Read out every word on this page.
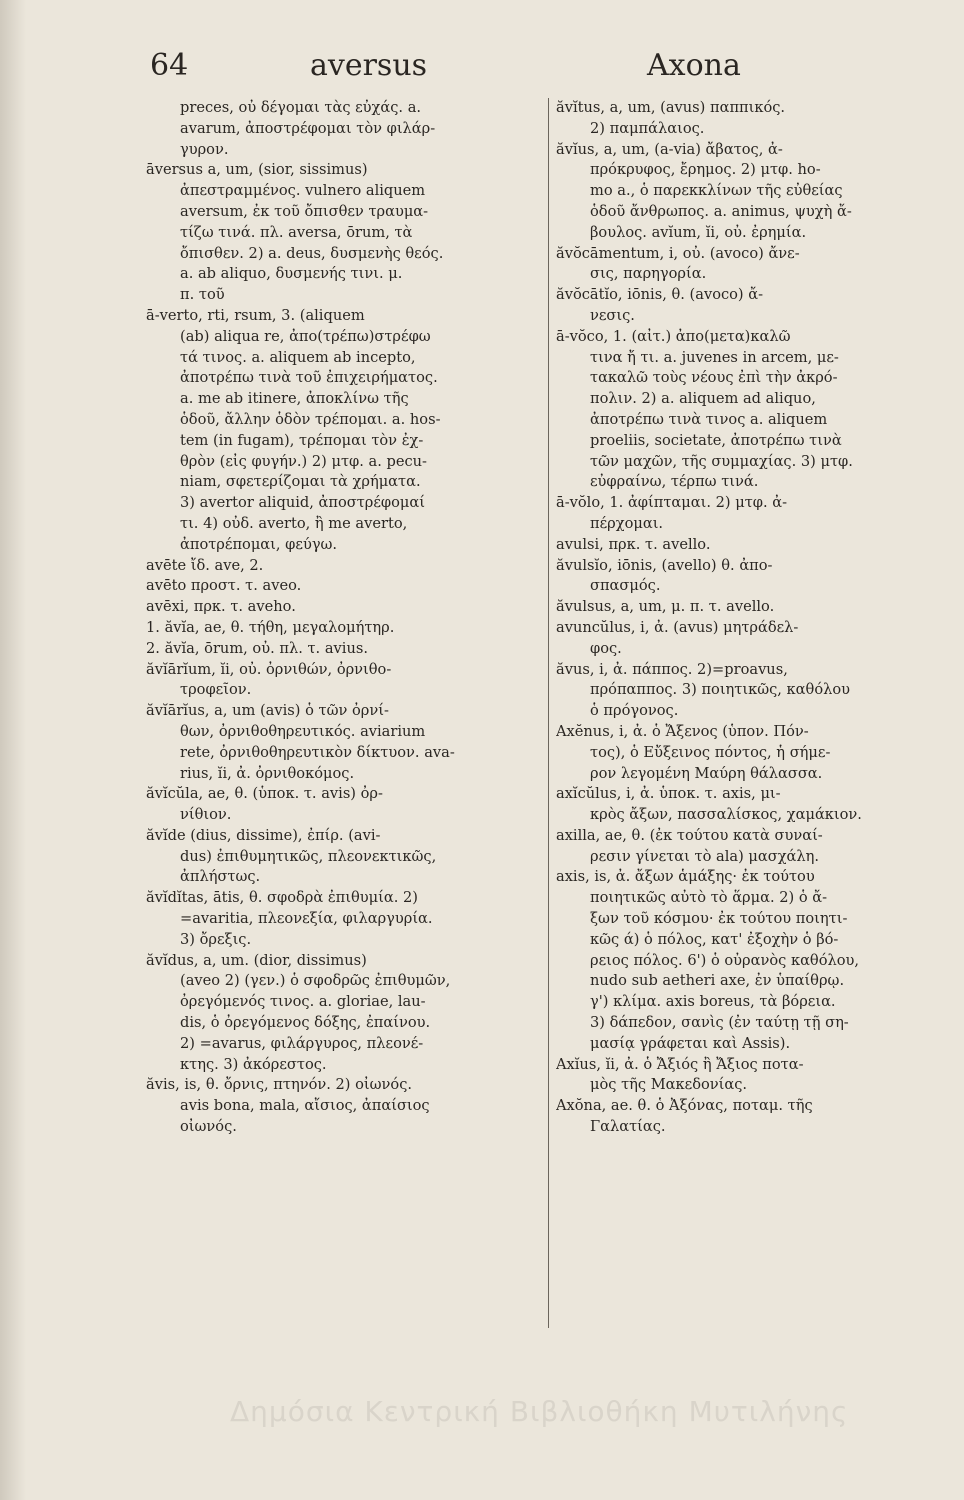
64	aversus	Axona
preces, οὐ δέγομαι τὰς εὐχάς. a.
avarum, ἀποστρέφομαι τὸν φιλάρ-
γυρον.
āversus a, um, (sior, sissimus)
ἀπεστραμμένος. vulnero aliquem
aversum, ἐκ τοῦ ὄπισθεν τραυμα-
τίζω τινά. πλ. aversa, ōrum, τὰ
ὄπισθεν. 2) a. deus, δυσμενὴς θεός.
a. ab aliquo, δυσμενής τινι. μ.
π. τοῦ
ā-verto, rti, rsum, 3. (aliquem
(ab) aliqua re, ἀπο(τρέπω)στρέφω
τά τινος. a. aliquem ab incepto,
ἀποτρέπω τινὰ τοῦ ἐπιχειρήματος.
a. me ab itinere, ἀποκλίνω τῆς
ὁδοῦ, ἄλλην ὁδὸν τρέπομαι. a. hos-
tem (in fugam), τρέπομαι τὸν ἐχ-
θρὸν (εἰς φυγήν.) 2) μτφ. a. pecu-
niam, σφετερίζομαι τὰ χρήματα.
3) avertor aliquid, ἀποστρέφομαί
τι. 4) οὐδ. averto, ἢ me averto,
ἀποτρέπομαι, φεύγω.
avēte ἴδ. ave, 2.
avēto προστ. τ. aveo.
avēxi, πρκ. τ. aveho.
1. ăvĭa, ae, θ. τήθη, μεγαλομήτηρ.
2. ăvĭa, ōrum, οὐ. πλ. τ. avius.
ăvĭārĭum, ĭi, οὐ. ὀρνιθών, ὀρνιθο-
τροφεῖον.
ăvĭārĭus, a, um (avis) ὁ τῶν ὀρνί-
θων, ὀρνιθοθηρευτικός. aviarium
rete, ὀρνιθοθηρευτικὸν δίκτυον. ava-
rius, ĭi, ἀ. ὀρνιθοκόμος.
ăvĭcŭla, ae, θ. (ὑποκ. τ. avis) ὀρ-
νίθιον.
ăvĭde (dius, dissime), ἐπίρ. (avi-
dus) ἐπιθυμητικῶς, πλεονεκτικῶς,
ἀπλήστως.
ăvĭdĭtas, ātis, θ. σφοδρὰ ἐπιθυμία. 2)
=avaritia, πλεονεξία, φιλαργυρία.
3) ὄρεξις.
ăvĭdus, a, um. (dior, dissimus)
(aveo 2) (γεν.) ὁ σφοδρῶς ἐπιθυμῶν,
ὀρεγόμενός τινος. a. gloriae, lau-
dis, ὁ ὀρεγόμενος δόξης, ἐπαίνου.
2) =avarus, φιλάργυρος, πλεονέ-
κτης. 3) ἀκόρεστος.
ăvis, is, θ. ὄρνις, πτηνόν. 2) οἰωνός.
avis bona, mala, αἴσιος, ἀπαίσιος
οἰωνός.
ăvĭtus, a, um, (avus) παππικός.
2) παμπάλαιος.
ăvĭus, a, um, (a-via) ἄβατος, ἀ-
πρόκρυφος, ἔρημος. 2) μτφ. ho-
mo a., ὁ παρεκκλίνων τῆς εὐθείας
ὁδοῦ ἄνθρωπος. a. animus, ψυχὴ ἄ-
βουλος. avĭum, ĭi, οὐ. ἐρημία.
ăvŏcāmentum, i, οὐ. (avoco) ἄνε-
σις, παρηγορία.
ăvŏcātĭo, iōnis, θ. (avoco) ἄ-
νεσις.
ā-vŏco, 1. (αἰτ.) ἀπο(μετα)καλῶ
τινα ἤ τι. a. juvenes in arcem, με-
τακαλῶ τοὺς νέους ἐπὶ τὴν ἀκρό-
πολιν. 2) a. aliquem ad aliquo,
ἀποτρέπω τινὰ τινος a. aliquem
proeliis, societate, ἀποτρέπω τινὰ
τῶν μαχῶν, τῆς συμμαχίας. 3) μτφ.
εὐφραίνω, τέρπω τινά.
ā-vŏlo, 1. ἀφίπταμαι. 2) μτφ. ἀ-
πέρχομαι.
avulsi, πρκ. τ. avello.
ăvulsĭo, iōnis, (avello) θ. ἀπο-
σπασμός.
ăvulsus, a, um, μ. π. τ. avello.
avuncŭlus, i, ἀ. (avus) μητράδελ-
φος.
ăvus, i, ἀ. πάππος. 2)=proavus,
πρόπαππος. 3) ποιητικῶς, καθόλου
ὁ πρόγονος.
Axĕnus, i, ἀ. ὁ Ἄξενος (ὑπον. Πόν-
τος), ὁ Εὔξεινος πόντος, ἡ σήμε-
ρον λεγομένη Μαύρη θάλασσα.
axĭcŭlus, i, ἀ. ὑποκ. τ. axis, μι-
κρὸς ἄξων, πασσαλίσκος, χαμάκιον.
axilla, ae, θ. (ἐκ τούτου κατὰ συναί-
ρεσιν γίνεται τὸ ala) μασχάλη.
axis, is, ἀ. ἄξων ἁμάξης· ἐκ τούτου
ποιητικῶς αὐτὸ τὸ ἅρμα. 2) ὁ ἄ-
ξων τοῦ κόσμου· ἐκ τούτου ποιητι-
κῶς ά) ὁ πόλος, κατ' ἐξοχὴν ὁ βό-
ρειος πόλος. 6') ὁ οὐρανὸς καθόλου,
nudo sub aetheri axe, ἐν ὑπαίθρῳ.
γ') κλίμα. axis boreus, τὰ βόρεια.
3) δάπεδον, σανὶς (ἐν ταύτῃ τῇ ση-
μασίᾳ γράφεται καὶ Assis).
Axĭus, ĭi, ἀ. ὁ Ἄξιός ἢ Ἄξιος ποτα-
μὸς τῆς Μακεδονίας.
Axŏna, ae. θ. ὁ Ἀξόνας, ποταμ. τῆς
Γαλατίας.
Δημόσια Κεντρική Βιβλιοθήκη Μυτιλήνης
